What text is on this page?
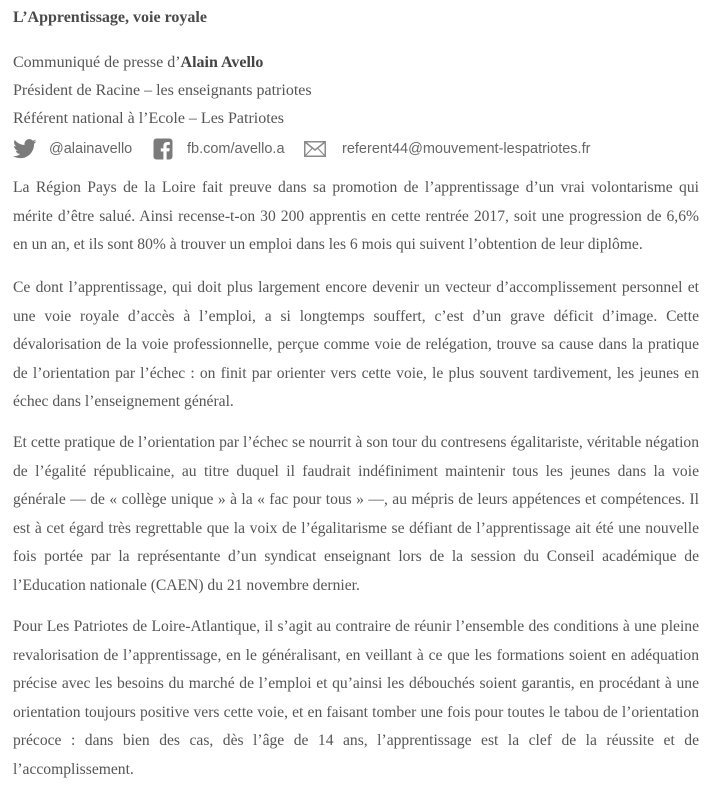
L’Apprentissage, voie royale
Communiqué de presse d’Alain Avello
Président de Racine – les enseignants patriotes
Référent national à l’Ecole – Les Patriotes
@alainavello	fb.com/avello.a	referent44@mouvement-lespatriotes.fr

La Région Pays de la Loire fait preuve dans sa promotion de l’apprentissage d’un vrai volontarisme qui mérite d’être salué. Ainsi recense-t-on 30 200 apprentis en cette rentrée 2017, soit une progression de 6,6% en un an, et ils sont 80% à trouver un emploi dans les 6 mois qui suivent l’obtention de leur diplôme.

Ce dont l’apprentissage, qui doit plus largement encore devenir un vecteur d’accomplissement personnel et une voie royale d’accès à l’emploi, a si longtemps souffert, c’est d’un grave déficit d’image. Cette dévalorisation de la voie professionnelle, perçue comme voie de relégation, trouve sa cause dans la pratique de l’orientation par l’échec : on finit par orienter vers cette voie, le plus souvent tardivement, les jeunes en échec dans l’enseignement général.

Et cette pratique de l’orientation par l’échec se nourrit à son tour du contresens égalitariste, véritable négation de l’égalité républicaine, au titre duquel il faudrait indéfiniment maintenir tous les jeunes dans la voie générale — de « collège unique » à la « fac pour tous » —, au mépris de leurs appétences et compétences. Il est à cet égard très regrettable que la voix de l’égalitarisme se défiant de l’apprentissage ait été une nouvelle fois portée par la représentante d’un syndicat enseignant lors de la session du Conseil académique de l’Education nationale (CAEN) du 21 novembre dernier.

Pour Les Patriotes de Loire-Atlantique, il s’agit au contraire de réunir l’ensemble des conditions à une pleine revalorisation de l’apprentissage, en le généralisant, en veillant à ce que les formations soient en adéquation précise avec les besoins du marché de l’emploi et qu’ainsi les débouchés soient garantis, en procédant à une orientation toujours positive vers cette voie, et en faisant tomber une fois pour toutes le tabou de l’orientation précoce : dans bien des cas, dès l’âge de 14 ans, l’apprentissage est la clef de la réussite et de l’accomplissement.
